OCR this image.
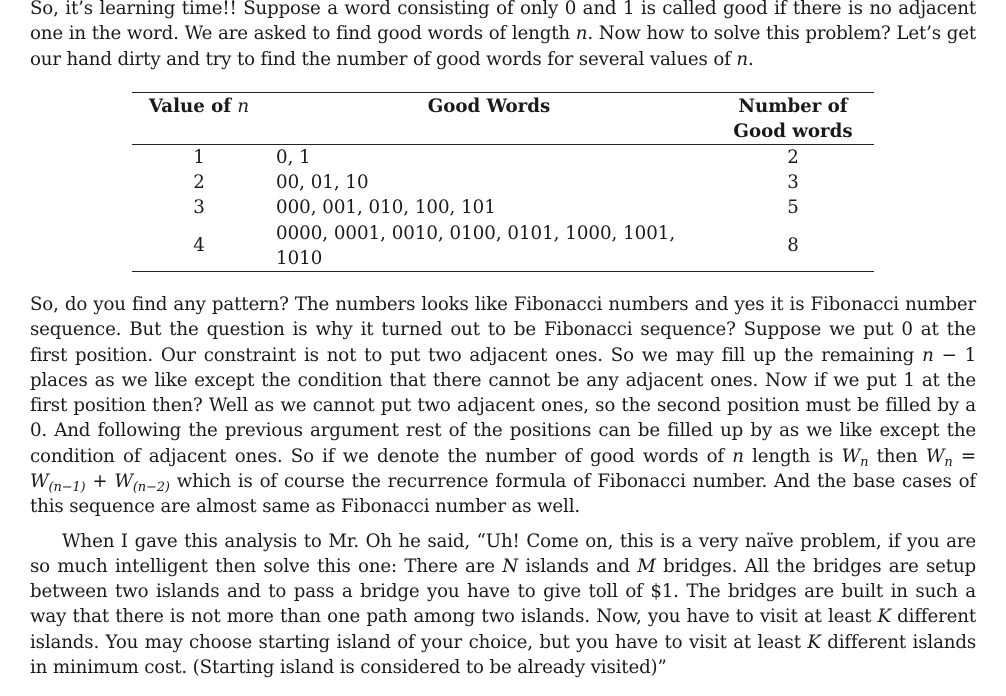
So, it’s learning time!! Suppose a word consisting of only 0 and 1 is called good if there is no adjacent one in the word. We are asked to find good words of length n. Now how to solve this problem? Let’s get our hand dirty and try to find the number of good words for several values of n.

Value of n	Good Words	Number of
Good words
1	0, 1	2
2	00, 01, 10	3
3	000, 001, 010, 100, 101	5
4	0000, 0001, 0010, 0100, 0101, 1000, 1001, 1010	8

So, do you find any pattern? The numbers looks like Fibonacci numbers and yes it is Fibonacci number sequence. But the question is why it turned out to be Fibonacci sequence? Suppose we put 0 at the first position. Our constraint is not to put two adjacent ones. So we may fill up the remaining n − 1 places as we like except the condition that there cannot be any adjacent ones. Now if we put 1 at the first position then? Well as we cannot put two adjacent ones, so the second position must be filled by a 0. And following the previous argument rest of the positions can be filled up by as we like except the condition of adjacent ones. So if we denote the number of good words of n length is $W_n$ then $W_n = W_{(n-1)} + W_{(n-2)}$ which is of course the recurrence formula of Fibonacci number. And the base cases of this sequence are almost same as Fibonacci number as well.

When I gave this analysis to Mr. Oh he said, “Uh! Come on, this is a very naïve problem, if you are so much intelligent then solve this one: There are N islands and M bridges. All the bridges are setup between two islands and to pass a bridge you have to give toll of $1. The bridges are built in such a way that there is not more than one path among two islands. Now, you have to visit at least K different islands. You may choose starting island of your choice, but you have to visit at least K different islands in minimum cost. (Starting island is considered to be already visited)”
